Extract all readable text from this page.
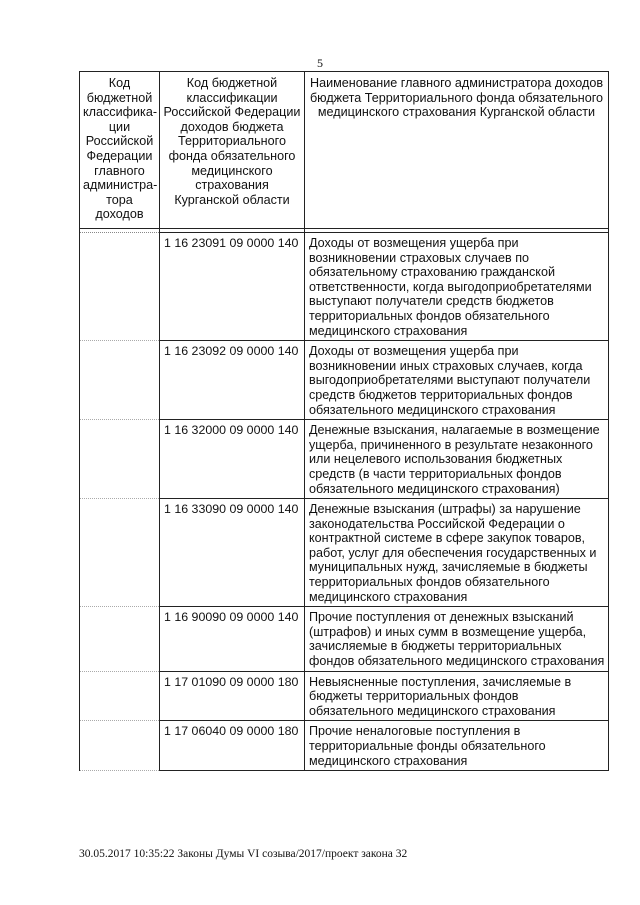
5
Код бюджетной классифика-ции Российской Федерации главного администра-тора доходов	Код бюджетной классификации Российской Федерации доходов бюджета Территориального фонда обязательного медицинского страхования Курганской области	Наименование главного администратора доходов бюджета Территориального фонда обязательного медицинского страхования Курганской области

	1 16 23091 09 0000 140	Доходы от возмещения ущерба при возникновении страховых случаев по обязательному страхованию гражданской ответственности, когда выгодоприобретателями выступают получатели средств бюджетов территориальных фондов обязательного медицинского страхования
	1 16 23092 09 0000 140	Доходы от возмещения ущерба при возникновении иных страховых случаев, когда выгодоприобретателями выступают получатели средств бюджетов территориальных фондов обязательного медицинского страхования
	1 16 32000 09 0000 140	Денежные взыскания, налагаемые в возмещение ущерба, причиненного в результате незаконного или нецелевого использования бюджетных средств (в части территориальных фондов обязательного медицинского страхования)
	1 16 33090 09 0000 140	Денежные взыскания (штрафы) за нарушение законодательства Российской Федерации о контрактной системе в сфере закупок товаров, работ, услуг для обеспечения государственных и муниципальных нужд, зачисляемые в бюджеты территориальных фондов обязательного медицинского страхования
	1 16 90090 09 0000 140	Прочие поступления от денежных взысканий (штрафов) и иных сумм в возмещение ущерба, зачисляемые в бюджеты территориальных фондов обязательного медицинского страхования
	1 17 01090 09 0000 180	Невыясненные поступления, зачисляемые в бюджеты территориальных фондов обязательного медицинского страхования
	1 17 06040 09 0000 180	Прочие неналоговые поступления в территориальные фонды обязательного медицинского страхования
30.05.2017 10:35:22 Законы Думы VI созыва/2017/проект закона 32
